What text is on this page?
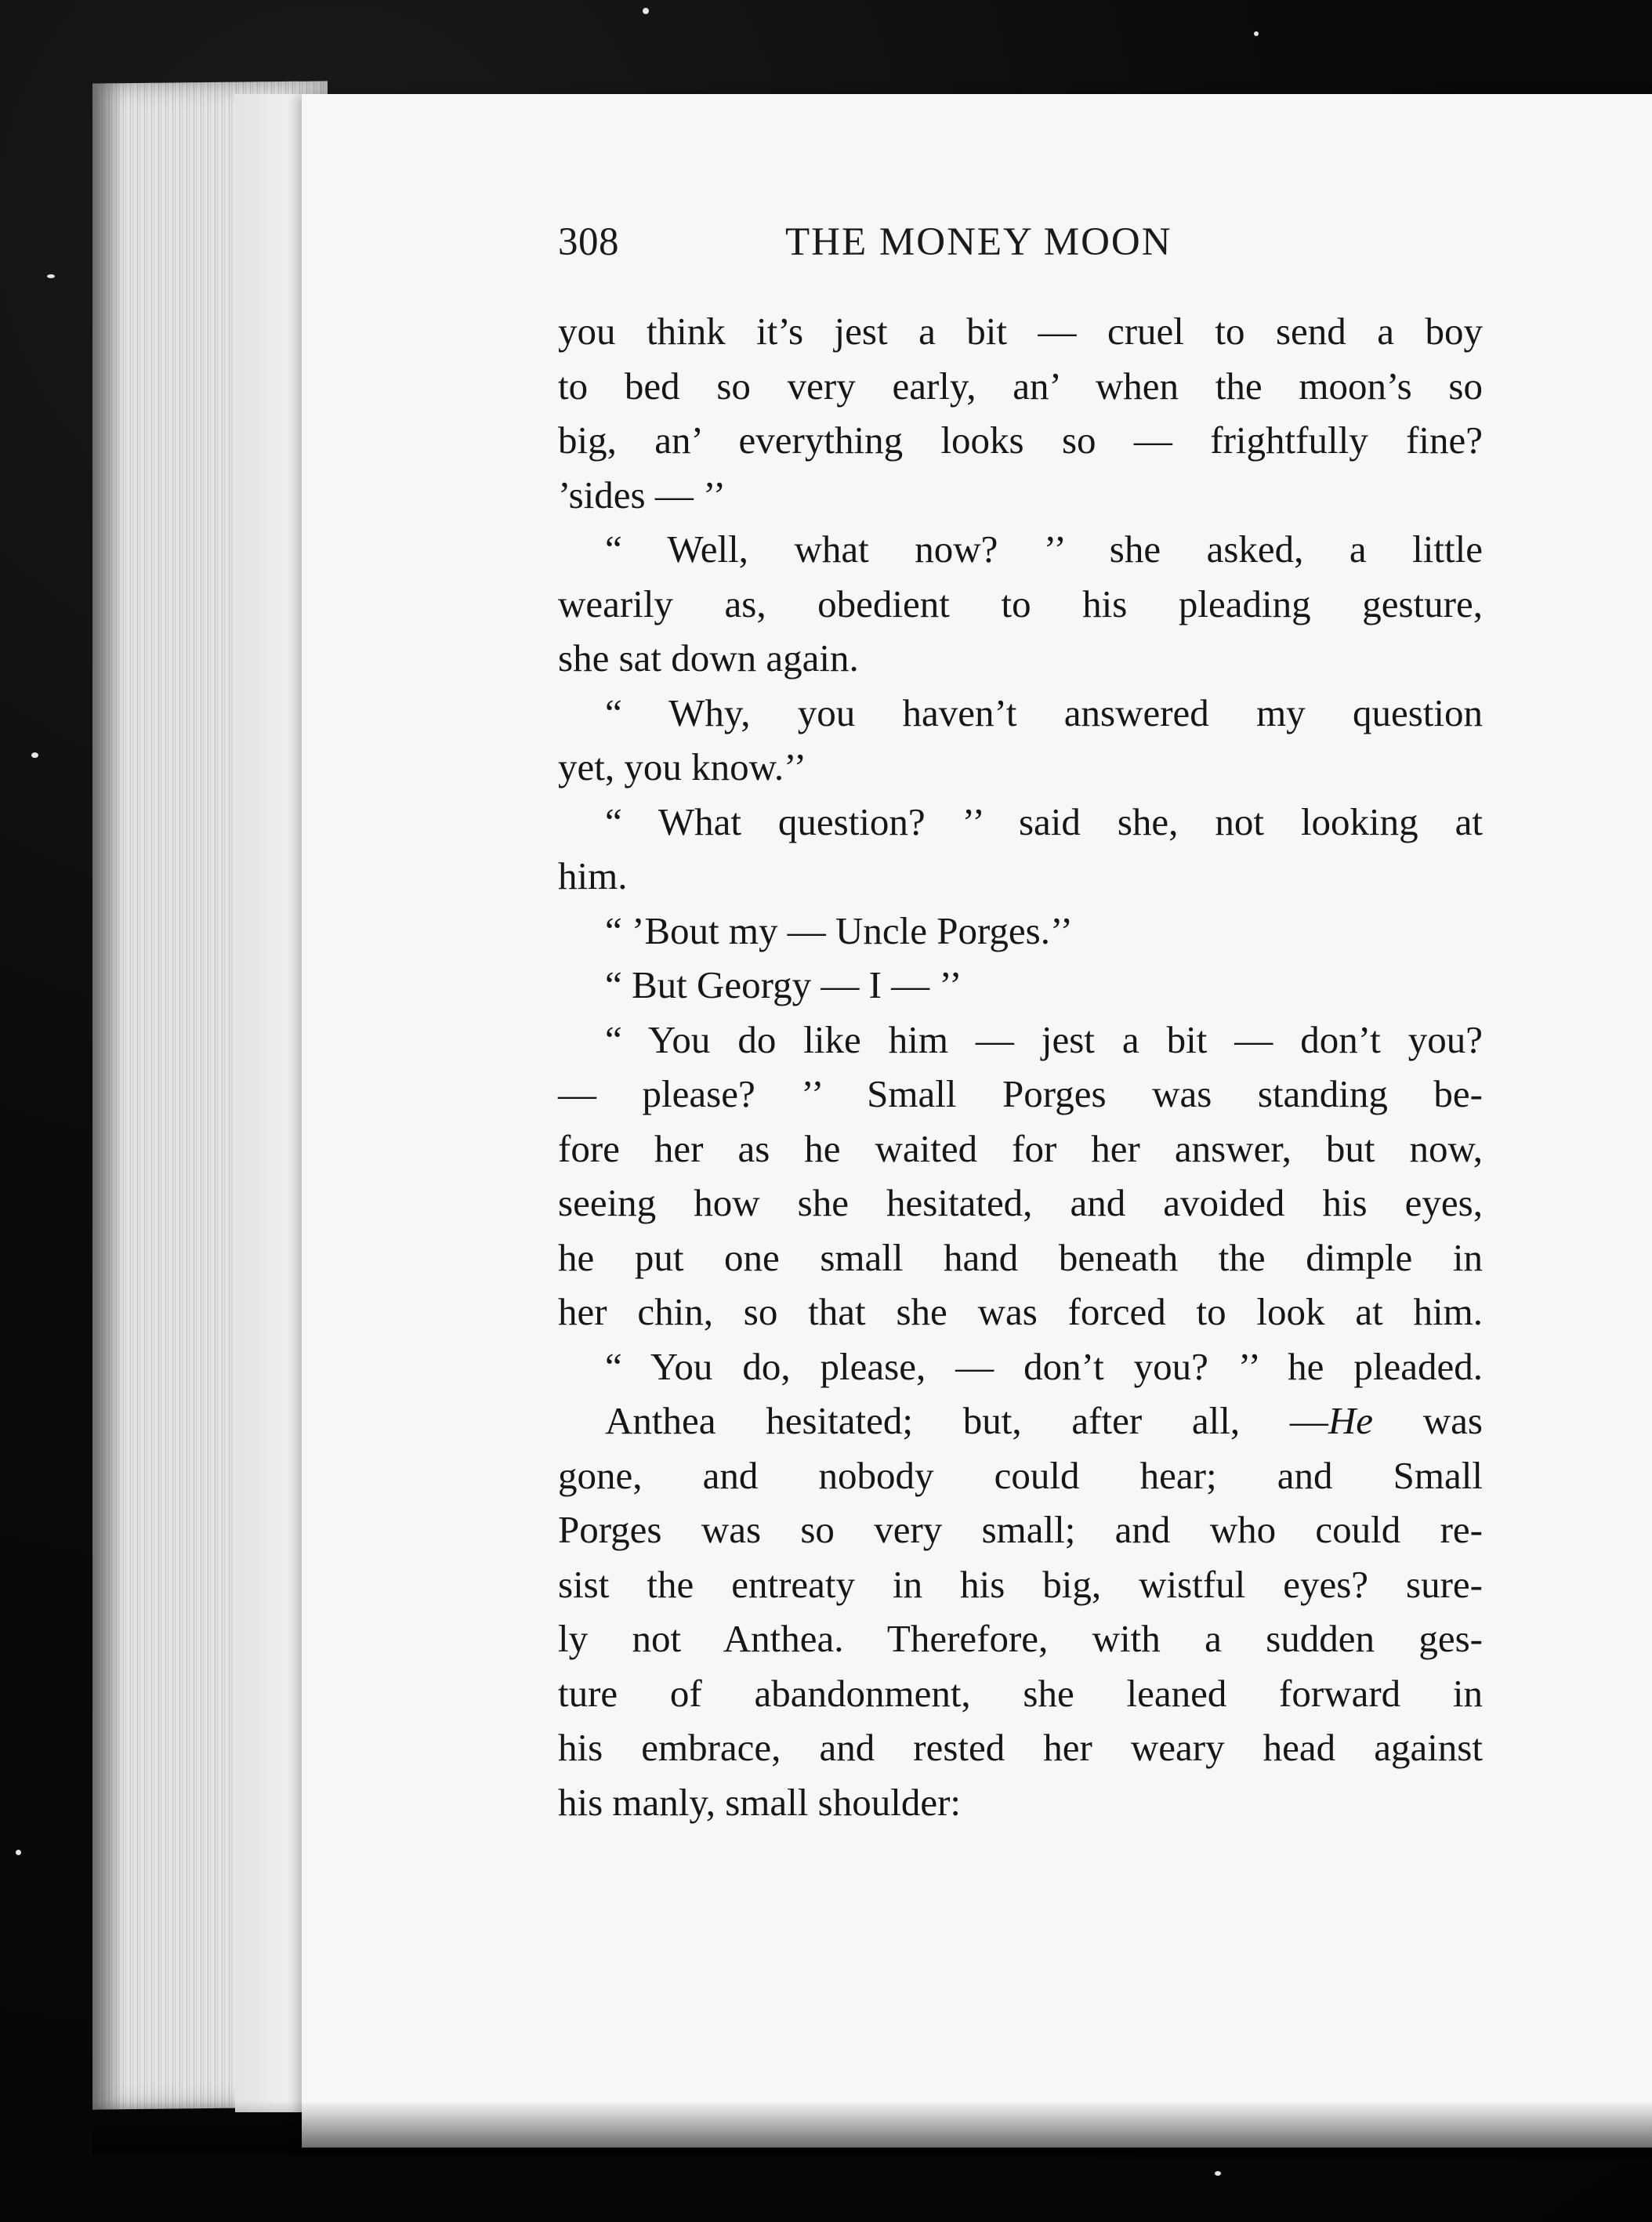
308	THE MONEY MOON
you think it’s jest a bit — cruel to send a boy
to bed so very early, an’ when the moon’s so
big, an’ everything looks so — frightfully fine?
’sides — ’’
“ Well, what now? ’’ she asked, a little
wearily as, obedient to his pleading gesture,
she sat down again.
“ Why, you haven’t answered my question
yet, you know.’’
“ What question? ’’ said she, not looking at
him.
“ ’Bout my — Uncle Porges.’’
“ But Georgy — I — ’’
“ You do like him — jest a bit — don’t you?
— please? ’’ Small Porges was standing be-
fore her as he waited for her answer, but now,
seeing how she hesitated, and avoided his eyes,
he put one small hand beneath the dimple in
her chin, so that she was forced to look at him.
“ You do, please, — don’t you? ’’ he pleaded.
Anthea hesitated; but, after all, —He was
gone, and nobody could hear; and Small
Porges was so very small; and who could re-
sist the entreaty in his big, wistful eyes? sure-
ly not Anthea. Therefore, with a sudden ges-
ture of abandonment, she leaned forward in
his embrace, and rested her weary head against
his manly, small shoulder:
